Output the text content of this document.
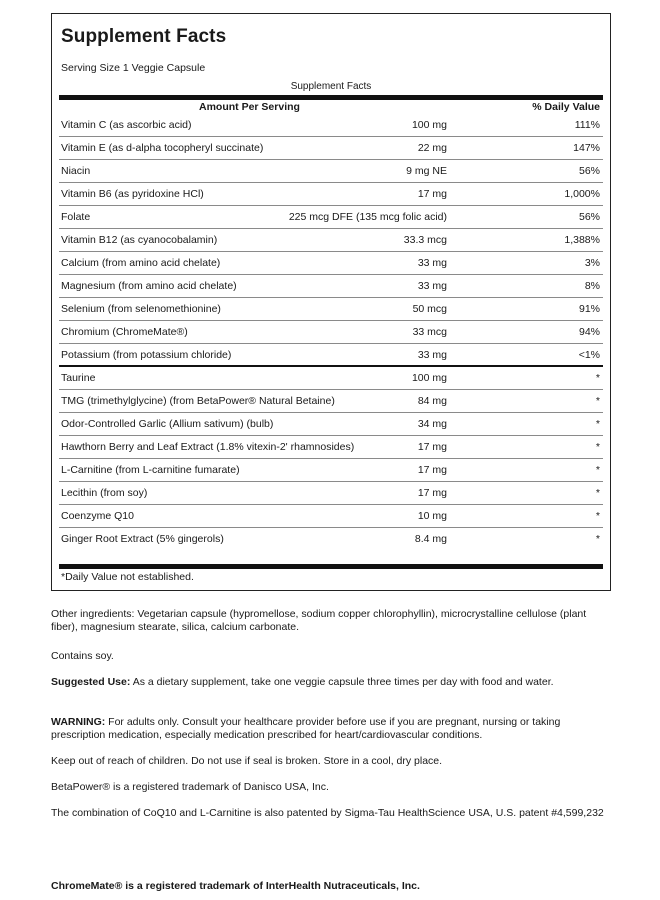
Supplement Facts
Serving Size 1 Veggie Capsule
Supplement Facts
Amount Per Serving	% Daily Value
Vitamin C (as ascorbic acid)	100 mg	111%
Vitamin E (as d-alpha tocopheryl succinate)	22 mg	147%
Niacin	9 mg NE	56%
Vitamin B6 (as pyridoxine HCl)	17 mg	1,000%
Folate	225 mcg DFE (135 mcg folic acid)	56%
Vitamin B12 (as cyanocobalamin)	33.3 mcg	1,388%
Calcium (from amino acid chelate)	33 mg	3%
Magnesium (from amino acid chelate)	33 mg	8%
Selenium (from selenomethionine)	50 mcg	91%
Chromium (ChromeMate®)	33 mcg	94%
Potassium (from potassium chloride)	33 mg	<1%
Taurine	100 mg	*
TMG (trimethylglycine) (from BetaPower® Natural Betaine)	84 mg	*
Odor-Controlled Garlic (Allium sativum) (bulb)	34 mg	*
Hawthorn Berry and Leaf Extract (1.8% vitexin-2' rhamnosides)	17 mg	*
L-Carnitine (from L-carnitine fumarate)	17 mg	*
Lecithin (from soy)	17 mg	*
Coenzyme Q10	10 mg	*
Ginger Root Extract (5% gingerols)	8.4 mg	*
*Daily Value not established.
Other ingredients: Vegetarian capsule (hypromellose, sodium copper chlorophyllin), microcrystalline cellulose (plant fiber), magnesium stearate, silica, calcium carbonate.
Contains soy.
Suggested Use: As a dietary supplement, take one veggie capsule three times per day with food and water.
WARNING: For adults only. Consult your healthcare provider before use if you are pregnant, nursing or taking prescription medication, especially medication prescribed for heart/cardiovascular conditions.
Keep out of reach of children. Do not use if seal is broken. Store in a cool, dry place.
BetaPower® is a registered trademark of Danisco USA, Inc.
The combination of CoQ10 and L-Carnitine is also patented by Sigma-Tau HealthScience USA, U.S. patent #4,599,232
ChromeMate® is a registered trademark of InterHealth Nutraceuticals, Inc.
